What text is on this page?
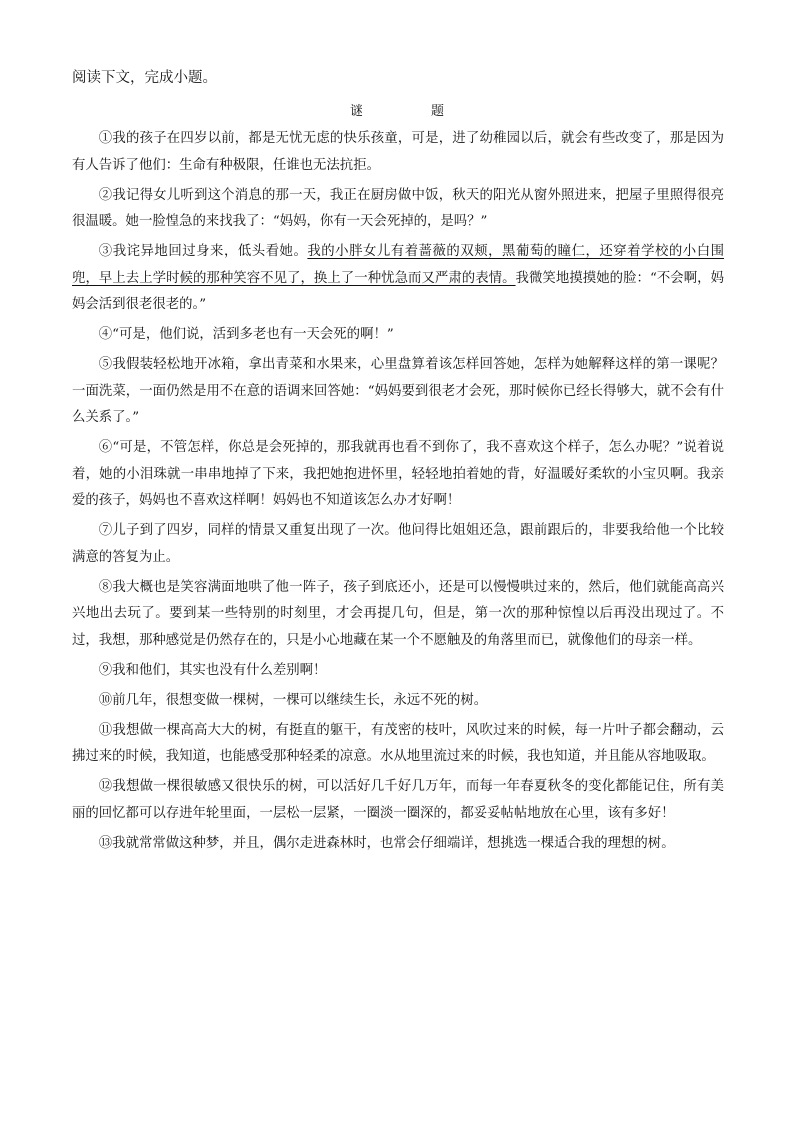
阅读下文，完成小题。
谜　　题

①我的孩子在四岁以前，都是无忧无虑的快乐孩童，可是，进了幼稚园以后，就会有些改变了，那是因为有人告诉了他们：生命有种极限，任谁也无法抗拒。

②我记得女儿听到这个消息的那一天，我正在厨房做中饭，秋天的阳光从窗外照进来，把屋子里照得很亮很温暖。她一脸惶急的来找我了：“妈妈，你有一天会死掉的，是吗？”

③我诧异地回过身来，低头看她。我的小胖女儿有着蔷薇的双颊，黑葡萄的瞳仁，还穿着学校的小白围兜，早上去上学时候的那种笑容不见了，换上了一种忧急而又严肃的表情。我微笑地摸摸她的脸：“不会啊，妈妈会活到很老很老的。”

④“可是，他们说，活到多老也有一天会死的啊！”

⑤我假装轻松地开冰箱，拿出青菜和水果来，心里盘算着该怎样回答她，怎样为她解释这样的第一课呢？一面洗菜，一面仍然是用不在意的语调来回答她：“妈妈要到很老才会死，那时候你已经长得够大，就不会有什么关系了。”

⑥“可是，不管怎样，你总是会死掉的，那我就再也看不到你了，我不喜欢这个样子，怎么办呢？”说着说着，她的小泪珠就一串串地掉了下来，我把她抱进怀里，轻轻地拍着她的背，好温暖好柔软的小宝贝啊。我亲爱的孩子，妈妈也不喜欢这样啊！妈妈也不知道该怎么办才好啊！

⑦儿子到了四岁，同样的情景又重复出现了一次。他问得比姐姐还急，跟前跟后的，非要我给他一个比较满意的答复为止。

⑧我大概也是笑容满面地哄了他一阵子，孩子到底还小，还是可以慢慢哄过来的，然后，他们就能高高兴兴地出去玩了。要到某一些特别的时刻里，才会再提几句，但是，第一次的那种惊惶以后再没出现过了。不过，我想，那种感觉是仍然存在的，只是小心地藏在某一个不愿触及的角落里而已，就像他们的母亲一样。

⑨我和他们，其实也没有什么差别啊！

⑩前几年，很想变做一棵树，一棵可以继续生长，永远不死的树。

⑪我想做一棵高高大大的树，有挺直的躯干，有茂密的枝叶，风吹过来的时候，每一片叶子都会翻动，云拂过来的时候，我知道，也能感受那种轻柔的凉意。水从地里流过来的时候，我也知道，并且能从容地吸取。

⑫我想做一棵很敏感又很快乐的树，可以活好几千好几万年，而每一年春夏秋冬的变化都能记住，所有美丽的回忆都可以存进年轮里面，一层松一层紧，一圈淡一圈深的，都妥妥帖帖地放在心里，该有多好！

⑬我就常常做这种梦，并且，偶尔走进森林时，也常会仔细端详，想挑选一棵适合我的理想的树。
